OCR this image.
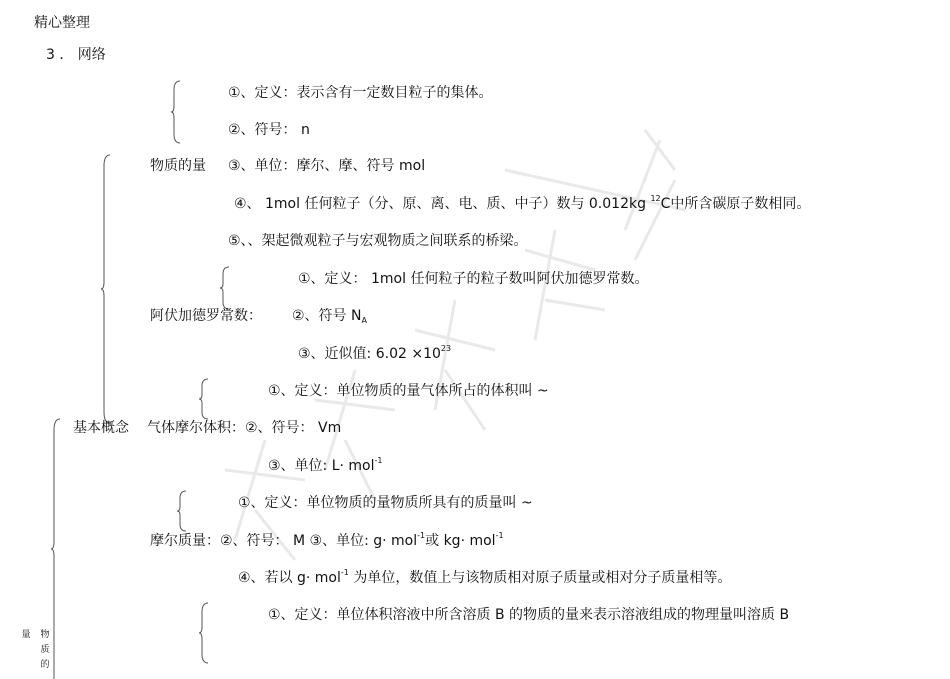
精心整理
3 ． 网络
①、定义：表示含有一定数目粒子的集体。
②、符号： n
物质的量 ③、单位：摩尔、摩、符号 mol
④、 1mol 任何粒子（分、原、离、电、质、中子）数与 0.012kg $^{12}$C中所含碳原子数相同。
⑤、、架起微观粒子与宏观物质之间联系的桥梁。
①、定义： 1mol 任何粒子的粒子数叫阿伏加德罗常数。
阿伏加德罗常数： ②、符号 $N_A$
③、近似值: $6.02 \times 10^{23}$
①、定义：单位物质的量气体所占的体积叫 ~
基本概念 气体摩尔体积：②、符号： Vm
③、单位: L· mol$^{-1}$
①、定义：单位物质的量物质所具有的质量叫 ~
摩尔质量：②、符号： M ③、单位: g· mol$^{-1}$或 kg· mol$^{-1}$
④、若以 g· mol$^{-1}$ 为单位，数值上与该物质相对原子质量或相对分子质量相等。
①、定义：单位体积溶液中所含溶质 B 的物质的量来表示溶液组成的物理量叫溶质 B
量 物质的
